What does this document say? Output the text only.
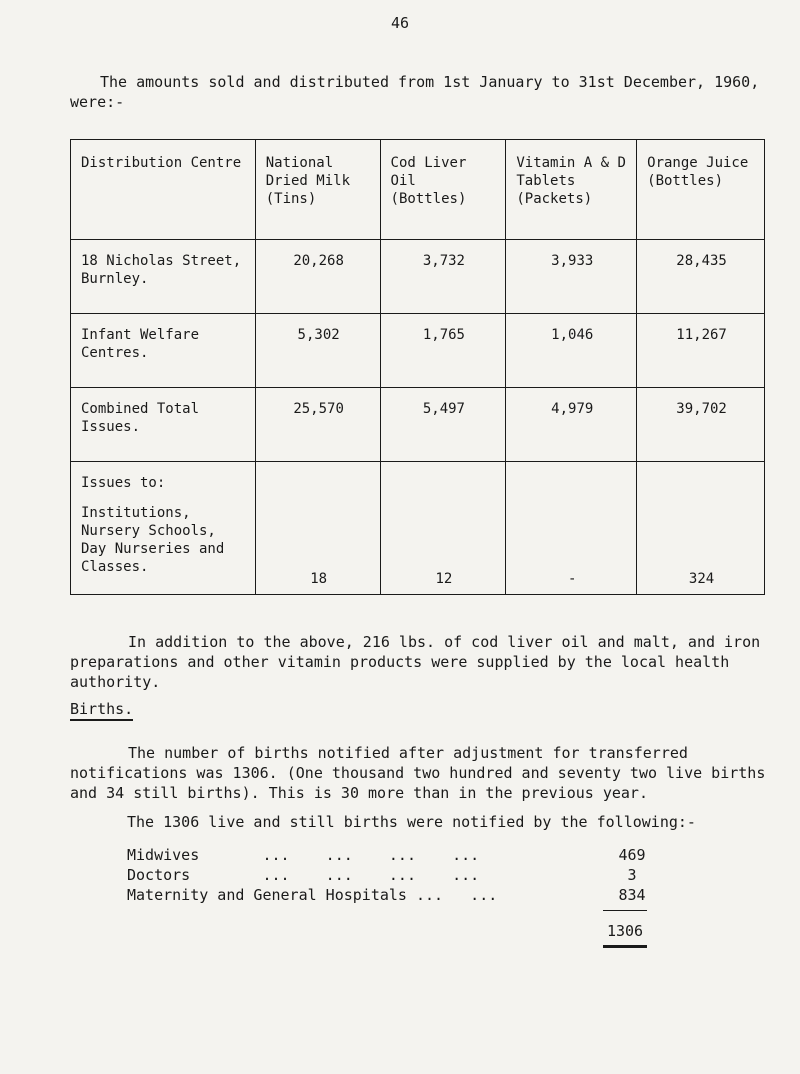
46

The amounts sold and distributed from 1st January to 31st December, 1960, were:-

Distribution Centre	National Dried Milk (Tins)	Cod Liver Oil (Bottles)	Vitamin A & D Tablets (Packets)	Orange Juice (Bottles)
18 Nicholas Street, Burnley.	20,268	3,732	3,933	28,435
Infant Welfare Centres.	5,302	1,765	1,046	11,267
Combined Total Issues.	25,570	5,497	4,979	39,702

Issues to:
Institutions, Nursery Schools, Day Nurseries and Classes.	18	12	-	324

In addition to the above, 216 lbs. of cod liver oil and malt, and iron preparations and other vitamin products were supplied by the local health authority.

Births.

The number of births notified after adjustment for transferred notifications was 1306. (One thousand two hundred and seventy two live births and 34 still births). This is 30 more than in the previous year.

The 1306 live and still births were notified by the following:-

Midwives       ...    ...    ...    ...	469
Doctors        ...    ...    ...    ...	3
Maternity and General Hospitals ...   ...	834
1306
